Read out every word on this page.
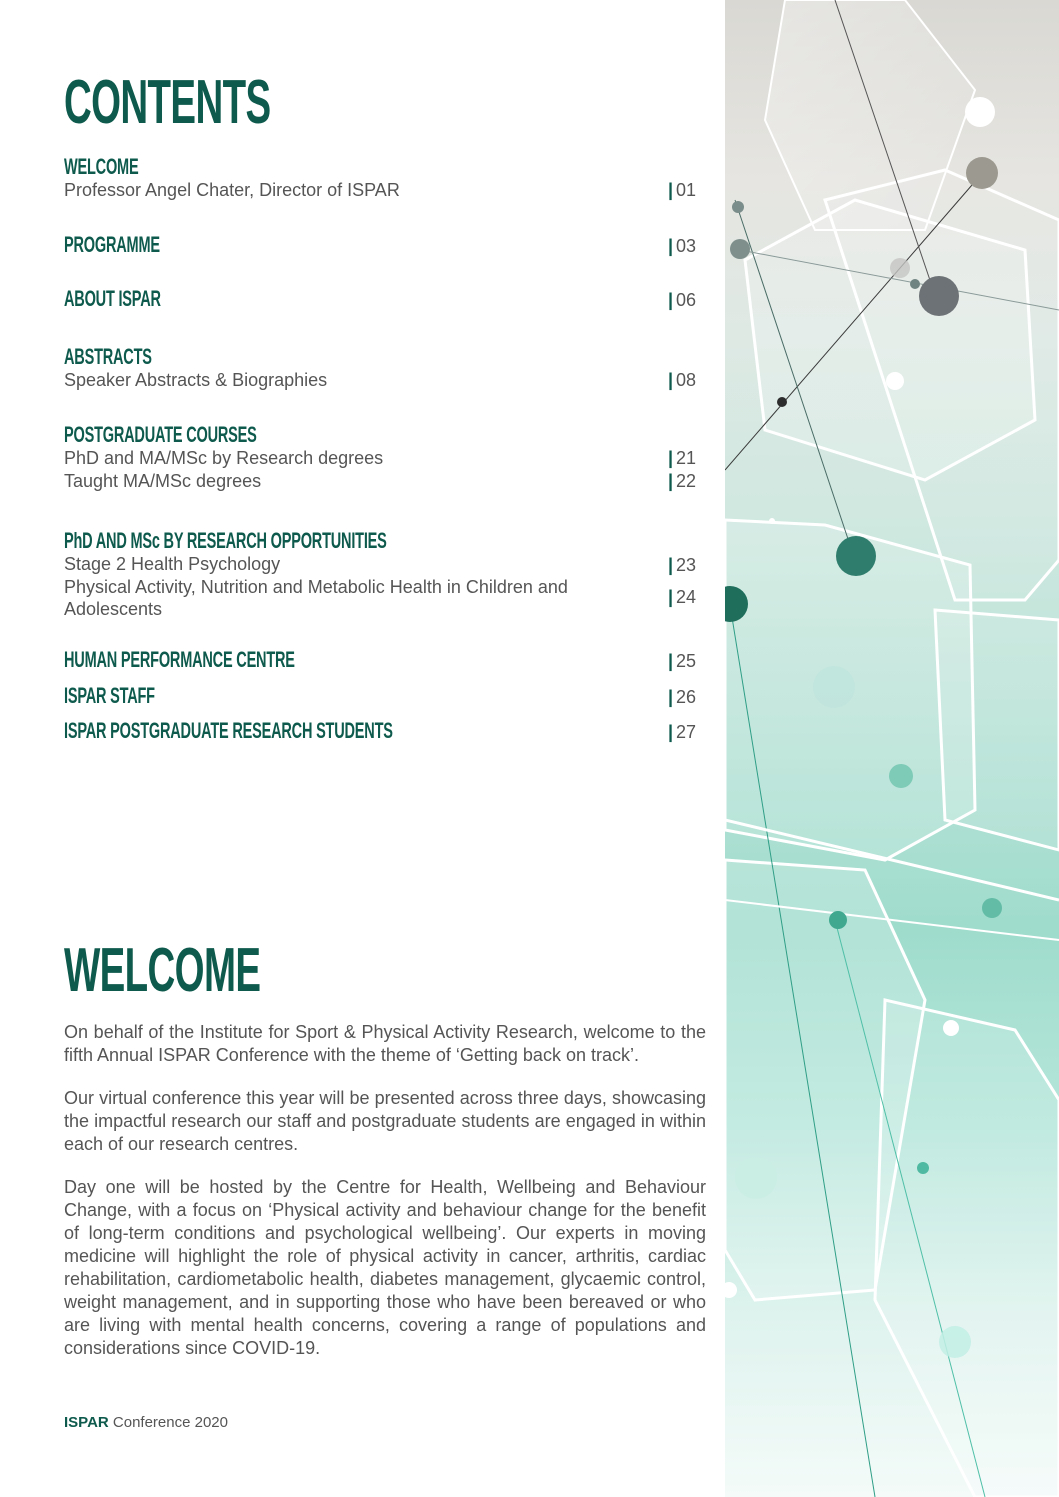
CONTENTS
WELCOME
Professor Angel Chater, Director of ISPAR	| 01
PROGRAMME	| 03
ABOUT ISPAR	| 06
ABSTRACTS
Speaker Abstracts & Biographies	| 08
POSTGRADUATE COURSES
PhD and MA/MSc by Research degrees	| 21
Taught MA/MSc degrees	| 22
PhD AND MSc BY RESEARCH OPPORTUNITIES
Stage 2 Health Psychology	| 23
Physical Activity, Nutrition and Metabolic Health in Children and Adolescents
| 24
HUMAN PERFORMANCE CENTRE	| 25
ISPAR STAFF	| 26
ISPAR POSTGRADUATE RESEARCH STUDENTS	| 27
WELCOME

On behalf of the Institute for Sport & Physical Activity Research, welcome to the fifth Annual ISPAR Conference with the theme of ‘Getting back on track’.

Our virtual conference this year will be presented across three days, showcasing the impactful research our staff and postgraduate students are engaged in within each of our research centres.

Day one will be hosted by the Centre for Health, Wellbeing and Behaviour Change, with a focus on ‘Physical activity and behaviour change for the benefit of long-term conditions and psychological wellbeing’. Our experts in moving medicine will highlight the role of physical activity in cancer, arthritis, cardiac rehabilitation, cardiometabolic health, diabetes management, glycaemic control, weight management, and in supporting those who have been bereaved or who are living with mental health concerns, covering a range of populations and considerations since COVID-19.

ISPAR Conference 2020
